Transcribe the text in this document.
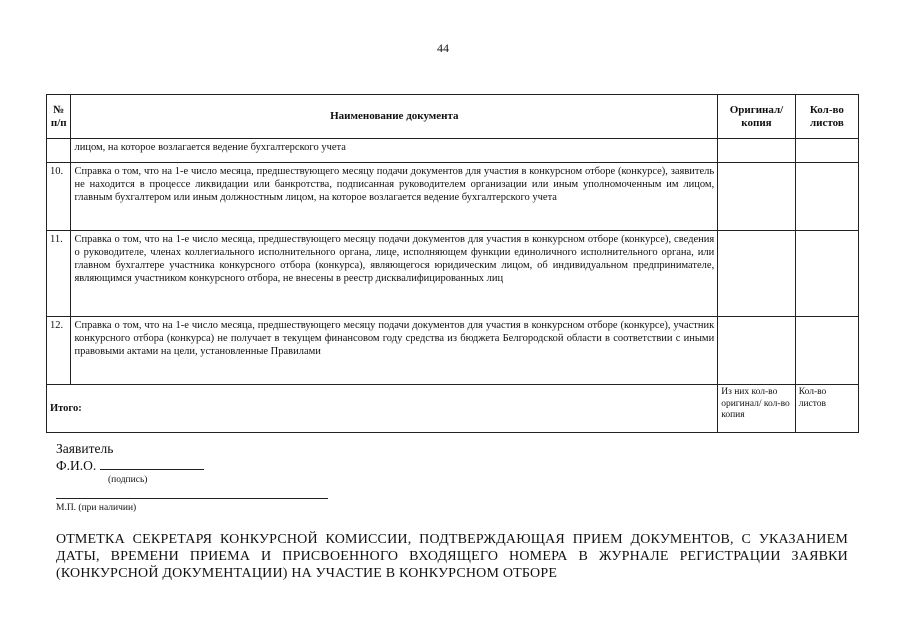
44
№ п/п	Наименование документа	Оригинал/ копия	Кол-во листов
	лицом, на которое возлагается ведение бухгалтерского учета		
10.	Справка о том, что на 1-е число месяца, предшествующего месяцу подачи документов для участия в конкурсном отборе (конкурсе), заявитель не находится в процессе ликвидации или банкротства, подписанная руководителем организации или иным уполномоченным им лицом, главным бухгалтером или иным должностным лицом, на которое возлагается ведение бухгалтерского учета		
11.	Справка о том, что на 1-е число месяца, предшествующего месяцу подачи документов для участия в конкурсном отборе (конкурсе), сведения о руководителе, членах коллегиального исполнительного органа, лице, исполняющем функции единоличного исполнительного органа, или главном бухгалтере участника конкурсного отбора (конкурса), являющегося юридическим лицом, об индивидуальном предпринимателе, являющимся участником конкурсного отбора, не внесены в реестр дисквалифицированных лиц		
12.	Справка о том, что на 1-е число месяца, предшествующего месяцу подачи документов для участия в конкурсном отборе (конкурсе), участник конкурсного отбора (конкурса) не получает в текущем финансовом году средства из бюджета Белгородской области в соответствии с иными правовыми актами на цели, установленные Правилами		
Итого:		Из них кол-во оригинал/ кол-во копия	Кол-во листов
Заявитель
Ф.И.О.
(подпись)
М.П. (при наличии)
ОТМЕТКА СЕКРЕТАРЯ КОНКУРСНОЙ КОМИССИИ, ПОДТВЕРЖДАЮЩАЯ ПРИЕМ ДОКУМЕНТОВ, С УКАЗАНИЕМ ДАТЫ, ВРЕМЕНИ ПРИЕМА И ПРИСВОЕННОГО ВХОДЯЩЕГО НОМЕРА В ЖУРНАЛЕ РЕГИСТРАЦИИ ЗАЯВКИ (КОНКУРСНОЙ ДОКУМЕНТАЦИИ) НА УЧАСТИЕ В КОНКУРСНОМ ОТБОРЕ
